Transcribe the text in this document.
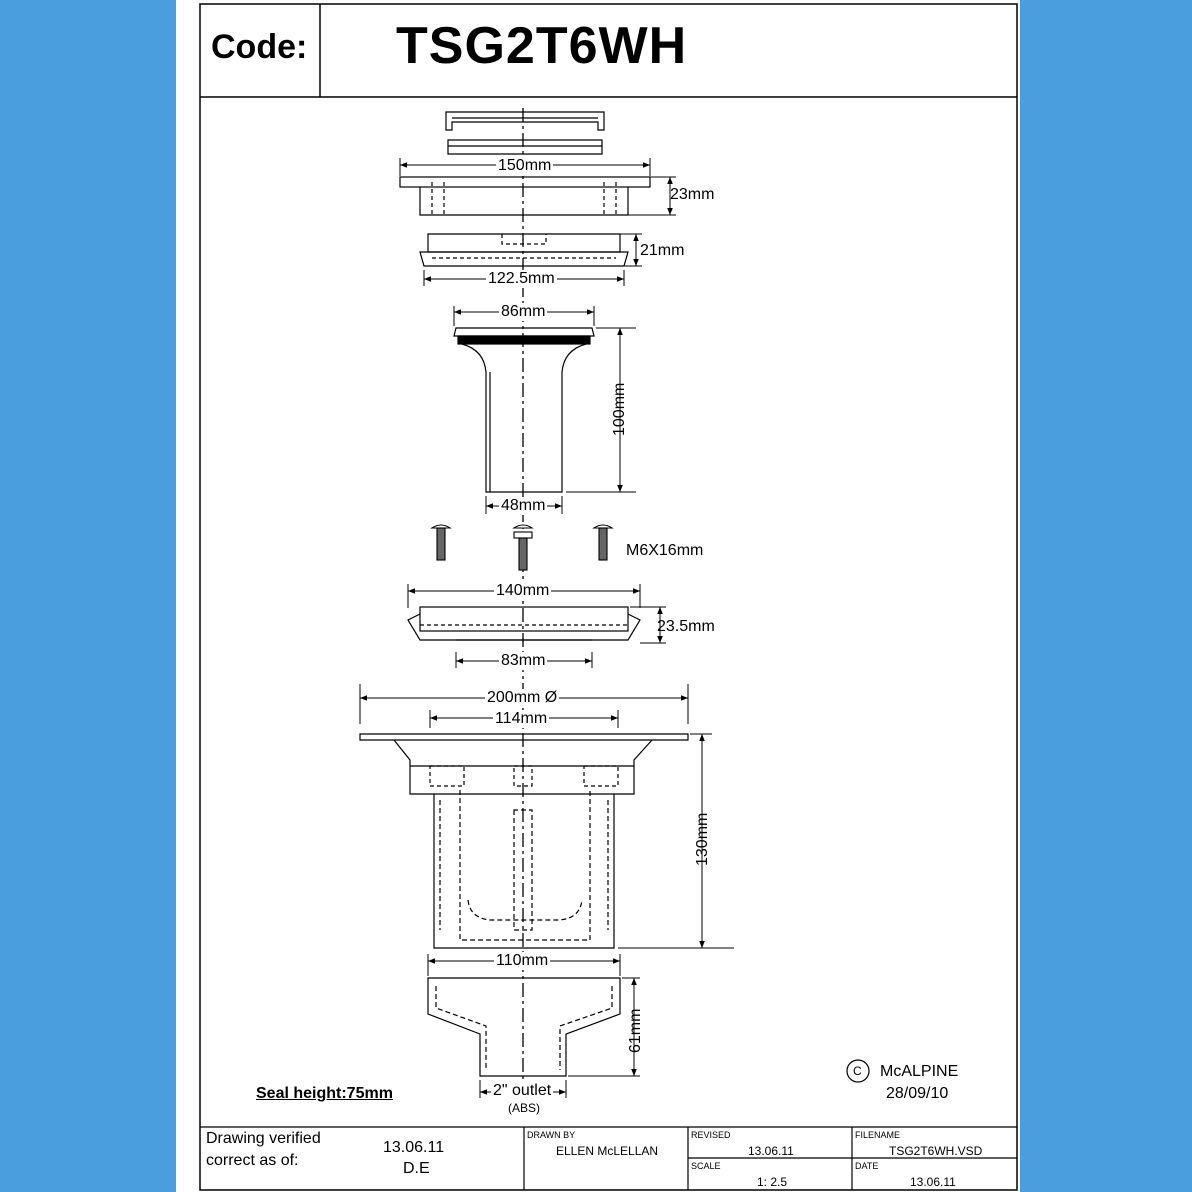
100mm
130mm
61mm
Code: TSG2T6WH
150mm
23mm
21mm
122.5mm
86mm
48mm
M6X16mm
140mm
23.5mm
83mm
200mm Ø
114mm
110mm
2" outlet
(ABS)
Seal height:75mm
C McALPINE
28/09/10
Drawing verified
correct as of:
13.06.11
D.E
DRAWN BY
ELLEN McLELLAN
REVISED
13.06.11
SCALE
1: 2.5
FILENAME
TSG2T6WH.VSD
DATE
13.06.11
